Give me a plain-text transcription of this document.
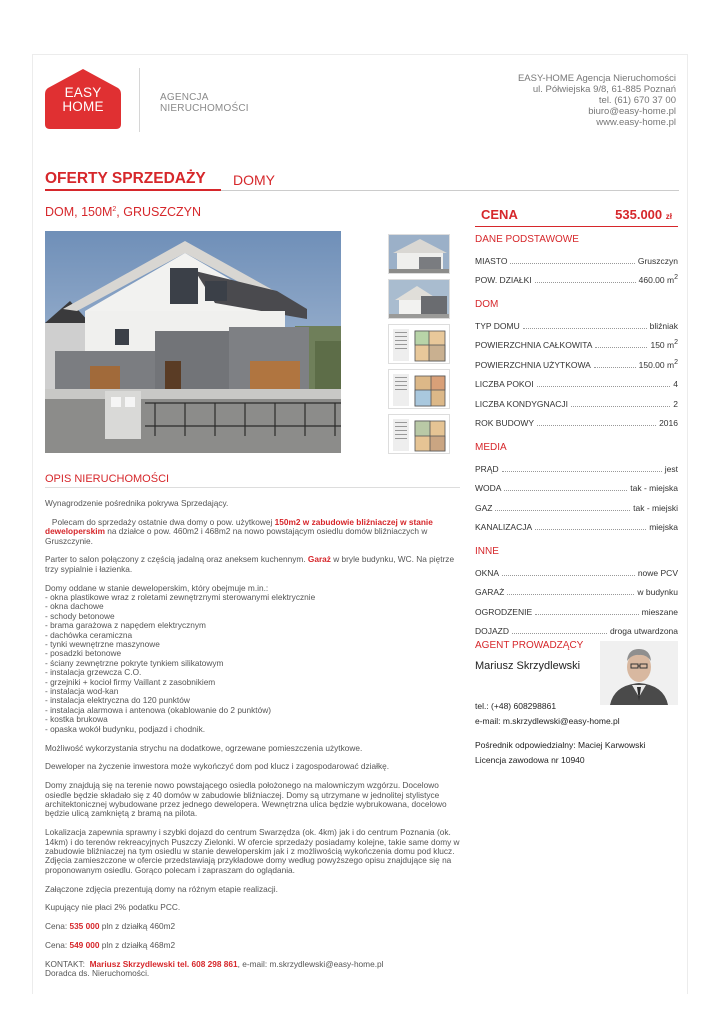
EASY
HOME
AGENCJA
NIERUCHOMOŚCI
EASY-HOME Agencja Nieruchomości
ul. Półwiejska 9/8, 61-885 Poznań
tel. (61) 670 37 00
biuro@easy-home.pl
www.easy-home.pl
OFERTY SPRZEDAŻY DOMY
DOM, $150M^2$, GRUSZCZYN	CENA	535.000 zł
DANE PODSTAWOWE
MIASTO	Gruszczyn
POW. DZIAŁKI	460.00 $m^2$
DOM
TYP DOMU	bliźniak
POWIERZCHNIA CAŁKOWITA	150 $m^2$
POWIERZCHNIA UŻYTKOWA	150.00 $m^2$
LICZBA POKOI	4
LICZBA KONDYGNACJI	2
ROK BUDOWY	2016
MEDIA
PRĄD	jest
WODA	tak - miejska
GAZ	tak - miejski
KANALIZACJA	miejska
INNE
OKNA	nowe PCV
GARAŻ	w budynku
OGRODZENIE	mieszane
DOJAZD	droga utwardzona
AGENT PROWADZĄCY
Mariusz Skrzydlewski
tel.: (+48) 608298861
e-mail: m.skrzydlewski@easy-home.pl
Pośrednik odpowiedzialny: Maciej Karwowski
Licencja zawodowa nr 10940
OPIS NIERUCHOMOŚCI

Wynagrodzenie pośrednika pokrywa Sprzedający.

Polecam do sprzedaży ostatnie dwa domy o pow. użytkowej 150m2 w zabudowie bliźniaczej w stanie deweloperskim na działce o pow. 460m2 i 468m2 na nowo powstającym osiedlu domów bliźniaczych w Gruszczynie.

Parter to salon połączony z częścią jadalną oraz aneksem kuchennym. Garaż w bryle budynku, WC. Na piętrze trzy sypialnie i łazienka.

Domy oddane w stanie deweloperskim, który obejmuje m.in.:
- okna plastikowe wraz z roletami zewnętrznymi sterowanymi elektrycznie
- okna dachowe
- schody betonowe
- brama garażowa z napędem elektrycznym
- dachówka ceramiczna
- tynki wewnętrzne maszynowe
- posadzki betonowe
- ściany zewnętrzne pokryte tynkiem silikatowym
- instalacja grzewcza C.O.
- grzejniki + kocioł firmy Vaillant z zasobnikiem
- instalacja wod-kan
- instalacja elektryczna do 120 punktów
- instalacja alarmowa i antenowa (okablowanie do 2 punktów)
- kostka brukowa
- opaska wokół budynku, podjazd i chodnik.

Możliwość wykorzystania strychu na dodatkowe, ogrzewane pomieszczenia użytkowe.

Deweloper na życzenie inwestora może wykończyć dom pod klucz i zagospodarować działkę.

Domy znajdują się na terenie nowo powstającego osiedla położonego na malowniczym wzgórzu. Docelowo osiedle będzie składało się z 40 domów w zabudowie bliźniaczej. Domy są utrzymane w jednolitej stylistyce architektonicznej wybudowane przez jednego dewelopera. Wewnętrzna ulica będzie wybrukowana, docelowo będzie ulicą zamkniętą z bramą na pilota.

Lokalizacja zapewnia sprawny i szybki dojazd do centrum Swarzędza (ok. 4km) jak i do centrum Poznania (ok. 14km) i do terenów rekreacyjnych Puszczy Zielonki. W ofercie sprzedaży posiadamy kolejne, takie same domy w zabudowie bliźniaczej na tym osiedlu w stanie deweloperskim jak i z możliwością wykończenia domu pod klucz. Zdjęcia zamieszczone w ofercie przedstawiają przykładowe domy według powyższego opisu znajdujące się na proponowanym osiedlu. Gorąco polecam i zapraszam do oglądania.

Załączone zdjęcia prezentują domy na różnym etapie realizacji.

Kupujący nie płaci 2% podatku PCC.

Cena: 535 000 pln z działką 460m2

Cena: 549 000 pln z działką 468m2

KONTAKT:  Mariusz Skrzydlewski tel. 608 298 861, e-mail: m.skrzydlewski@easy-home.pl
Doradca ds. Nieruchomości.
